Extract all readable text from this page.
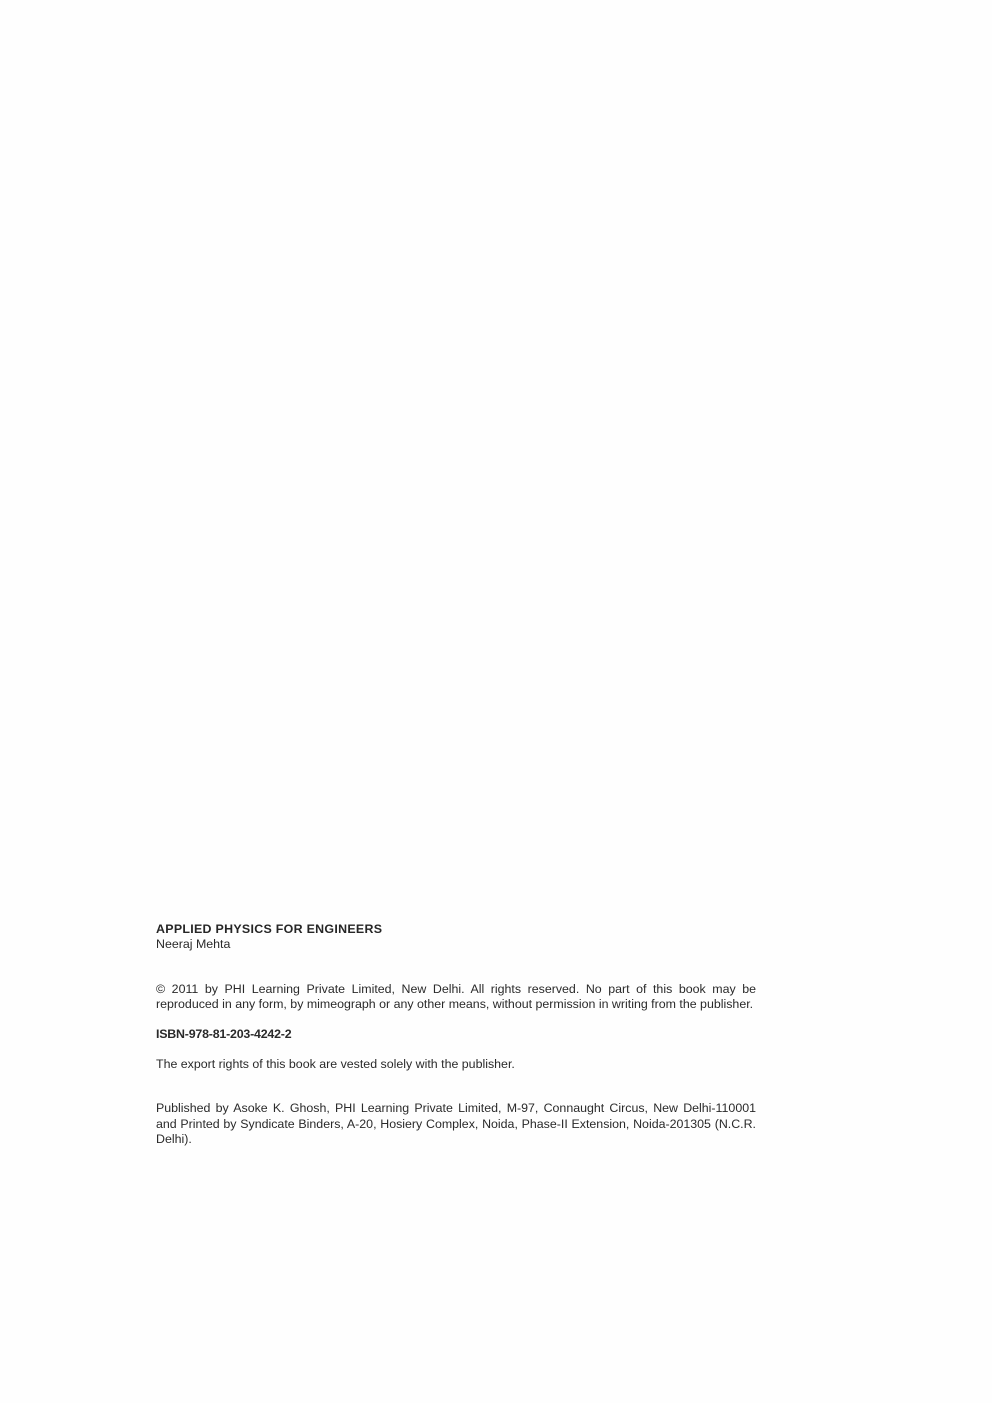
APPLIED PHYSICS FOR ENGINEERS

Neeraj Mehta

© 2011 by PHI Learning Private Limited, New Delhi. All rights reserved. No part of this book may be reproduced in any form, by mimeograph or any other means, without permission in writing from the publisher.

ISBN-978-81-203-4242-2

The export rights of this book are vested solely with the publisher.

Published by Asoke K. Ghosh, PHI Learning Private Limited, M-97, Connaught Circus, New Delhi-110001 and Printed by Syndicate Binders, A-20, Hosiery Complex, Noida, Phase-II Extension, Noida-201305 (N.C.R. Delhi).
